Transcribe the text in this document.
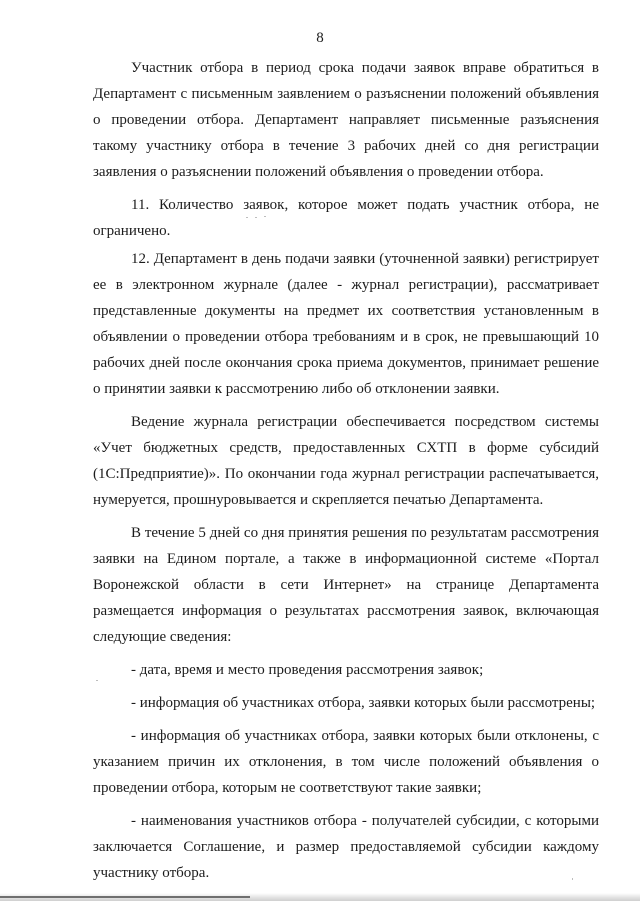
8

Участник отбора в период срока подачи заявок вправе обратиться в

Департамент с письменным заявлением о разъяснении положений объявления

о проведении отбора. Департамент направляет письменные разъяснения

такому участнику отбора в течение 3 рабочих дней со дня регистрации

заявления о разъяснении положений объявления о проведении отбора.

11. Количество заявок, которое может подать участник отбора, не

ограничено.

12. Департамент в день подачи заявки (уточненной заявки) регистрирует

ее в электронном журнале (далее - журнал регистрации), рассматривает

представленные документы на предмет их соответствия установленным в

объявлении о проведении отбора требованиям и в срок, не превышающий 10

рабочих дней после окончания срока приема документов, принимает решение

о принятии заявки к рассмотрению либо об отклонении заявки.

Ведение журнала регистрации обеспечивается посредством системы

«Учет бюджетных средств, предоставленных СХТП в форме субсидий

(1С:Предприятие)». По окончании года журнал регистрации распечатывается,

нумеруется, прошнуровывается и скрепляется печатью Департамента.

В течение 5 дней со дня принятия решения по результатам рассмотрения

заявки на Едином портале, а также в информационной системе «Портал

Воронежской области в сети Интернет» на странице Департамента

размещается информация о результатах рассмотрения заявок, включающая

следующие сведения:

- дата, время и место проведения рассмотрения заявок;

- информация об участниках отбора, заявки которых были рассмотрены;

- информация об участниках отбора, заявки которых были отклонены, с

указанием причин их отклонения, в том числе положений объявления о

проведении отбора, которым не соответствуют такие заявки;

- наименования участников отбора - получателей субсидии, с которыми

заключается Соглашение, и размер предоставляемой субсидии каждому

участнику отбора.
